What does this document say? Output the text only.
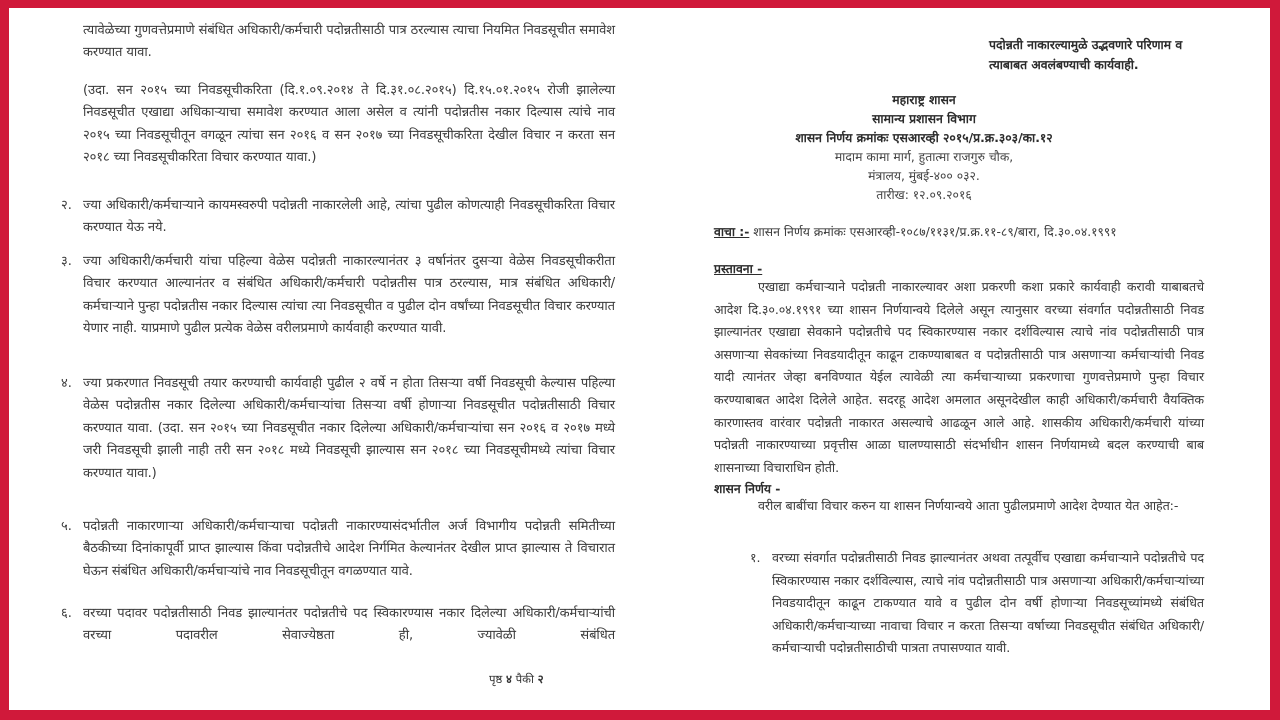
त्यावेळेच्या गुणवत्तेप्रमाणे संबंधित अधिकारी/कर्मचारी पदोन्नतीसाठी पात्र ठरल्यास त्याचा नियमित निवडसूचीत समावेश करण्यात यावा.

(उदा. सन २०१५ च्या निवडसूचीकरिता (दि.१.०९.२०१४ ते दि.३१.०८.२०१५) दि.१५.०१.२०१५ रोजी झालेल्या निवडसूचीत एखाद्या अधिकाऱ्याचा समावेश करण्यात आला असेल व त्यांनी पदोन्नतीस नकार दिल्यास त्यांचे नाव २०१५ च्या निवडसूचीतून वगळून त्यांचा सन २०१६ व सन २०१७ च्या निवडसूचीकरिता देखील विचार न करता सन २०१८ च्या निवडसूचीकरिता विचार करण्यात यावा.)

२. ज्या अधिकारी/कर्मचाऱ्याने कायमस्वरुपी पदोन्नती नाकारलेली आहे, त्यांचा पुढील कोणत्याही निवडसूचीकरिता विचार करण्यात येऊ नये.

३. ज्या अधिकारी/कर्मचारी यांचा पहिल्या वेळेस पदोन्नती नाकारल्यानंतर ३ वर्षानंतर दुसऱ्या वेळेस निवडसूचीकरीता विचार करण्यात आल्यानंतर व संबंधित अधिकारी/कर्मचारी पदोन्नतीस पात्र ठरल्यास, मात्र संबंधित अधिकारी/कर्मचाऱ्याने पुन्हा पदोन्नतीस नकार दिल्यास त्यांचा त्या निवडसूचीत व पुढील दोन वर्षांच्या निवडसूचीत विचार करण्यात येणार नाही. याप्रमाणे पुढील प्रत्येक वेळेस वरीलप्रमाणे कार्यवाही करण्यात यावी.

४. ज्या प्रकरणात निवडसूची तयार करण्याची कार्यवाही पुढील २ वर्षे न होता तिसऱ्या वर्षी निवडसूची केल्यास पहिल्या वेळेस पदोन्नतीस नकार दिलेल्या अधिकारी/कर्मचाऱ्यांचा तिसऱ्या वर्षी होणाऱ्या निवडसूचीत पदोन्नतीसाठी विचार करण्यात यावा. (उदा. सन २०१५ च्या निवडसूचीत नकार दिलेल्या अधिकारी/कर्मचाऱ्यांचा सन २०१६ व २०१७ मध्ये जरी निवडसूची झाली नाही तरी सन २०१८ मध्ये निवडसूची झाल्यास सन २०१८ च्या निवडसूचीमध्ये त्यांचा विचार करण्यात यावा.)

५. पदोन्नती नाकारणाऱ्या अधिकारी/कर्मचाऱ्याचा पदोन्नती नाकारण्यासंदर्भातील अर्ज विभागीय पदोन्नती समितीच्या बैठकीच्या दिनांकापूर्वी प्राप्त झाल्यास किंवा पदोन्नतीचे आदेश निर्गमित केल्यानंतर देखील प्राप्त झाल्यास ते विचारात घेऊन संबंधित अधिकारी/कर्मचाऱ्यांचे नाव निवडसूचीतून वगळण्यात यावे.

६. वरच्या पदावर पदोन्नतीसाठी निवड झाल्यानंतर पदोन्नतीचे पद स्विकारण्यास नकार दिलेल्या अधिकारी/कर्मचाऱ्यांची वरच्या पदावरील सेवाज्येष्ठता ही, ज्यावेळी संबंधित

पृष्ठ ४ पैकी २
पदोन्नती नाकारल्यामुळे उद्भवणारे परिणाम व त्याबाबत अवलंबण्याची कार्यवाही.
महाराष्ट्र शासन
सामान्य प्रशासन विभाग
शासन निर्णय क्रमांकः एसआरव्ही २०१५/प्र.क्र.३०३/का.१२
मादाम कामा मार्ग, हुतात्मा राजगुरु चौक,
मंत्रालय, मुंबई-४०० ०३२.
तारीख: १२.०९.२०१६
वाचा :- शासन निर्णय क्रमांकः एसआरव्ही-१०८७/११३१/प्र.क्र.११-८९/बारा, दि.३०.०४.१९९१
प्रस्तावना -

एखाद्या कर्मचाऱ्याने पदोन्नती नाकारल्यावर अशा प्रकरणी कशा प्रकारे कार्यवाही करावी याबाबतचे आदेश दि.३०.०४.१९९१ च्या शासन निर्णयान्वये दिलेले असून त्यानुसार वरच्या संवर्गात पदोन्नतीसाठी निवड झाल्यानंतर एखाद्या सेवकाने पदोन्नतीचे पद स्विकारण्यास नकार दर्शविल्यास त्याचे नांव पदोन्नतीसाठी पात्र असणाऱ्या सेवकांच्या निवडयादीतून काढून टाकण्याबाबत व पदोन्नतीसाठी पात्र असणाऱ्या कर्मचाऱ्यांची निवड यादी त्यानंतर जेव्हा बनविण्यात येईल त्यावेळी त्या कर्मचाऱ्याच्या प्रकरणाचा गुणवत्तेप्रमाणे पुन्हा विचार करण्याबाबत आदेश दिलेले आहेत. सदरहू आदेश अमलात असूनदेखील काही अधिकारी/कर्मचारी वैयक्तिक कारणास्तव वारंवार पदोन्नती नाकारत असल्याचे आढळून आले आहे. शासकीय अधिकारी/कर्मचारी यांच्या पदोन्नती नाकारण्याच्या प्रवृत्तीस आळा घालण्यासाठी संदर्भाधीन शासन निर्णयामध्ये बदल करण्याची बाब शासनाच्या विचाराधिन होती.

शासन निर्णय -

वरील बाबींचा विचार करुन या शासन निर्णयान्वये आता पुढीलप्रमाणे आदेश देण्यात येत आहेत:-

१. वरच्या संवर्गात पदोन्नतीसाठी निवड झाल्यानंतर अथवा तत्पूर्वीच एखाद्या कर्मचाऱ्याने पदोन्नतीचे पद स्विकारण्यास नकार दर्शविल्यास, त्याचे नांव पदोन्नतीसाठी पात्र असणाऱ्या अधिकारी/कर्मचाऱ्यांच्या निवडयादीतून काढून टाकण्यात यावे व पुढील दोन वर्षी होणाऱ्या निवडसूच्यांमध्ये संबंधित अधिकारी/कर्मचाऱ्याच्या नावाचा विचार न करता तिसऱ्या वर्षाच्या निवडसूचीत संबंधित अधिकारी/कर्मचाऱ्याची पदोन्नतीसाठीची पात्रता तपासण्यात यावी.
